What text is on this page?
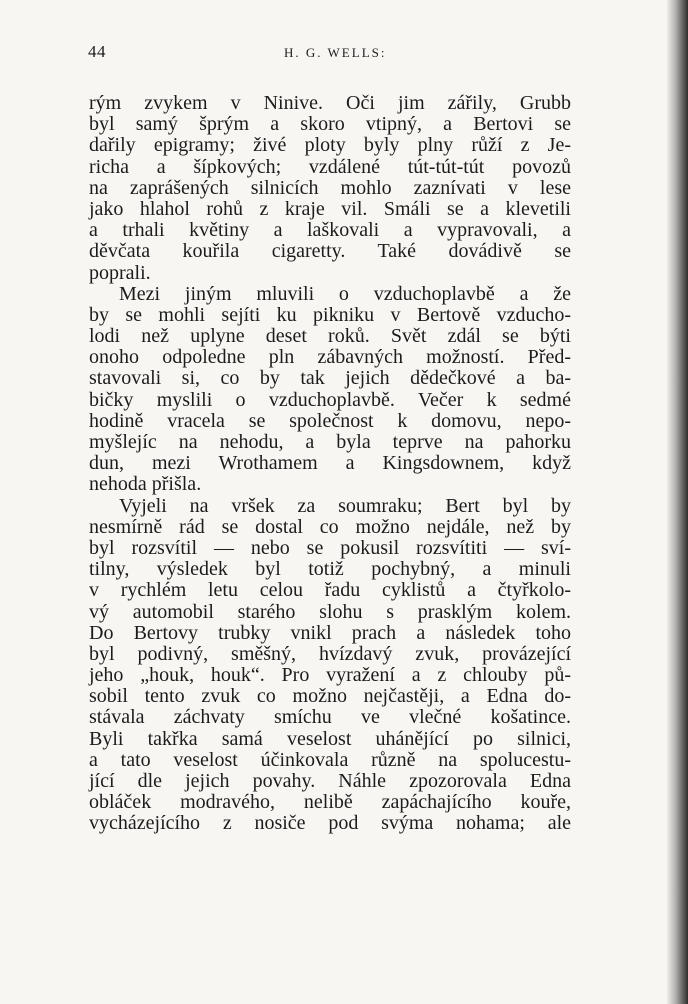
44	H. G. WELLS:
rým zvykem v Ninive. Oči jim zářily, Grubb
byl samý šprým a skoro vtipný, a Bertovi se
dařily epigramy; živé ploty byly plny růží z Je-
richa a šípkových; vzdálené tút-tút-tút povozů
na zaprášených silnicích mohlo zaznívati v lese
jako hlahol rohů z kraje vil. Smáli se a klevetili
a trhali květiny a laškovali a vypravovali, a
děvčata kouřila cigaretty. Také dovádivě se
poprali.
Mezi jiným mluvili o vzduchoplavbě a že
by se mohli sejíti ku pikniku v Bertově vzducho-
lodi než uplyne deset roků. Svět zdál se býti
onoho odpoledne pln zábavných možností. Před-
stavovali si, co by tak jejich dědečkové a ba-
bičky myslili o vzduchoplavbě. Večer k sedmé
hodině vracela se společnost k domovu, nepo-
myšlejíc na nehodu, a byla teprve na pahorku
dun, mezi Wrothamem a Kingsdownem, když
nehoda přišla.
Vyjeli na vršek za soumraku; Bert byl by
nesmírně rád se dostal co možno nejdále, než by
byl rozsvítil — nebo se pokusil rozsvítiti — sví-
tilny, výsledek byl totiž pochybný, a minuli
v rychlém letu celou řadu cyklistů a čtyřkolo-
vý automobil starého slohu s prasklým kolem.
Do Bertovy trubky vnikl prach a následek toho
byl podivný, směšný, hvízdavý zvuk, provázející
jeho „houk, houk“. Pro vyražení a z chlouby pů-
sobil tento zvuk co možno nejčastěji, a Edna do-
stávala záchvaty smíchu ve vlečné košatince.
Byli takřka samá veselost uhánějící po silnici,
a tato veselost účinkovala různě na spolucestu-
jící dle jejich povahy. Náhle zpozorovala Edna
obláček modravého, nelibě zapáchajícího kouře,
vycházejícího z nosiče pod svýma nohama; ale
